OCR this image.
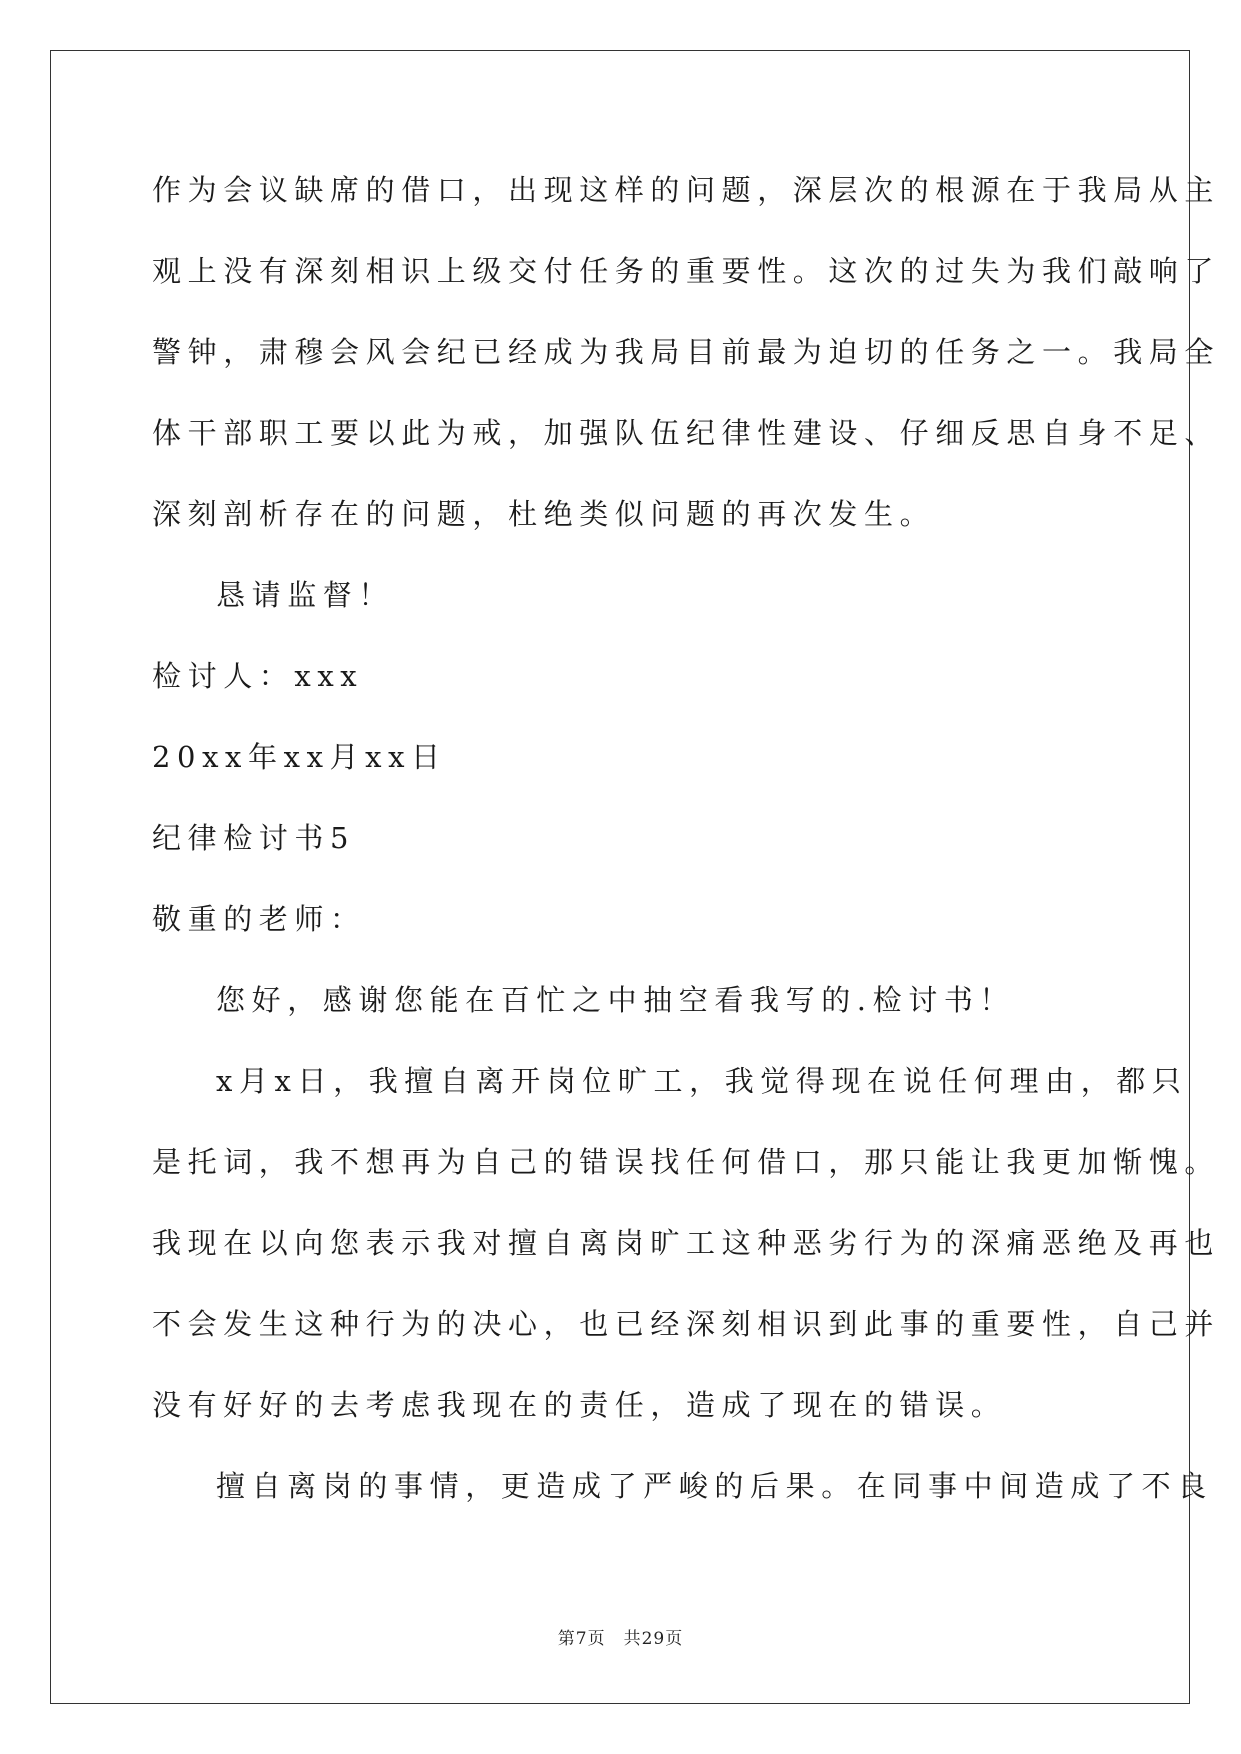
作为会议缺席的借口，出现这样的问题，深层次的根源在于我局从主
观上没有深刻相识上级交付任务的重要性。这次的过失为我们敲响了
警钟，肃穆会风会纪已经成为我局目前最为迫切的任务之一。我局全
体干部职工要以此为戒，加强队伍纪律性建设、仔细反思自身不足、
深刻剖析存在的问题，杜绝类似问题的再次发生。
恳请监督！
检讨人：xxx
20xx年xx月xx日
纪律检讨书5
敬重的老师：
您好，感谢您能在百忙之中抽空看我写的.检讨书！
x月x日，我擅自离开岗位旷工，我觉得现在说任何理由，都只
是托词，我不想再为自己的错误找任何借口，那只能让我更加惭愧。
我现在以向您表示我对擅自离岗旷工这种恶劣行为的深痛恶绝及再也
不会发生这种行为的决心，也已经深刻相识到此事的重要性，自己并
没有好好的去考虑我现在的责任，造成了现在的错误。
擅自离岗的事情，更造成了严峻的后果。在同事中间造成了不良
第7页　共29页
